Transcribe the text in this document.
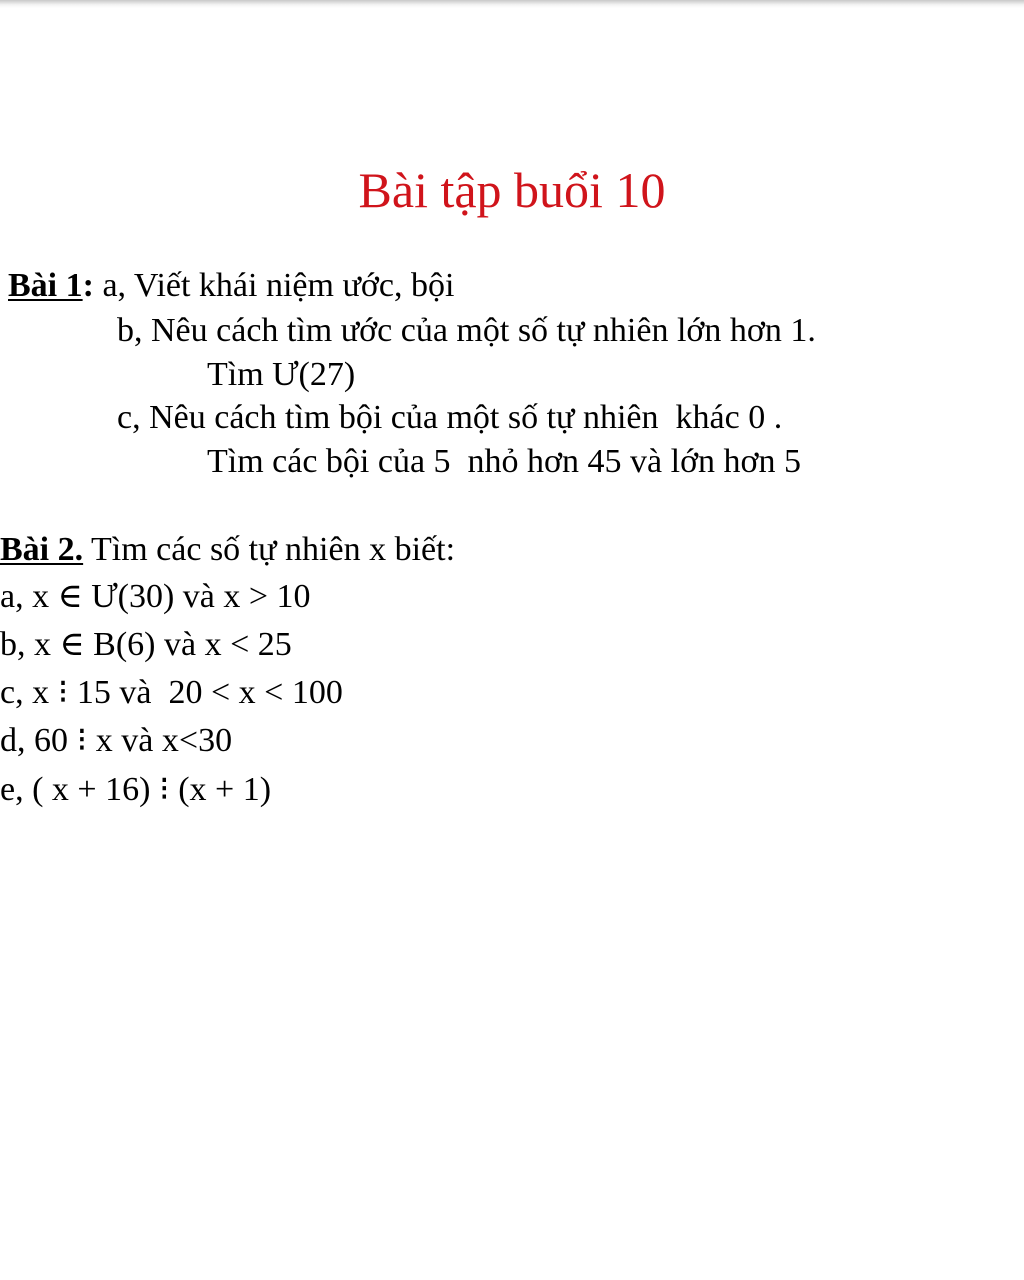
Bài tập buổi 10
Bài 1: a, Viết khái niệm ước, bội
b, Nêu cách tìm ước của một số tự nhiên lớn hơn 1.
Tìm Ư(27)
c, Nêu cách tìm bội của một số tự nhiên  khác 0 .
Tìm các bội của 5  nhỏ hơn 45 và lớn hơn 5
Bài 2. Tìm các số tự nhiên x biết:
a, x ∈ Ư(30) và x > 10
b, x ∈ B(6) và x < 25
c, x ⁝ 15 và  20 < x < 100
d, 60 ⁝ x và x<30
e, ( x + 16) ⁝ (x + 1)
